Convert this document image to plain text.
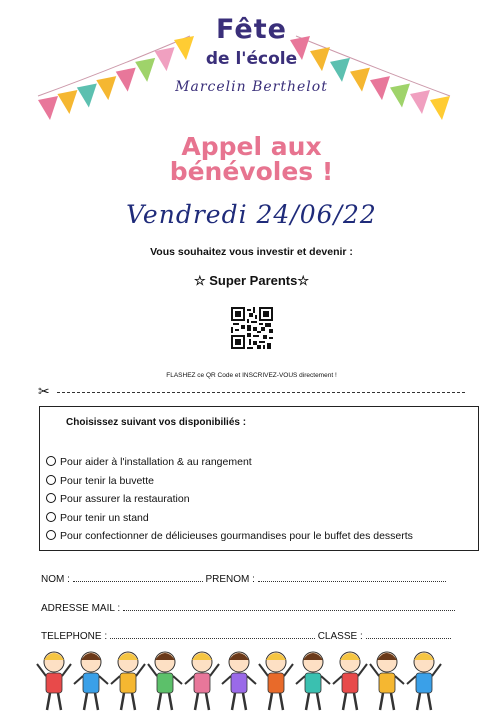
Fête
de l'école
Marcelin Berthelot
Appel aux
bénévoles !
Vendredi 24/06/22
Vous souhaitez vous investir et devenir :
☆ Super Parents☆
FLASHEZ ce QR Code et INSCRIVEZ-VOUS directement !
✂
Choisissez suivant vos disponibiliés :
Pour aider à l'installation & au rangement
Pour tenir la buvette
Pour assurer la restauration
Pour tenir un stand
Pour confectionner de délicieuses gourmandises pour le buffet des desserts
NOM :	PRENOM :
ADRESSE MAIL :
TELEPHONE :	CLASSE :
